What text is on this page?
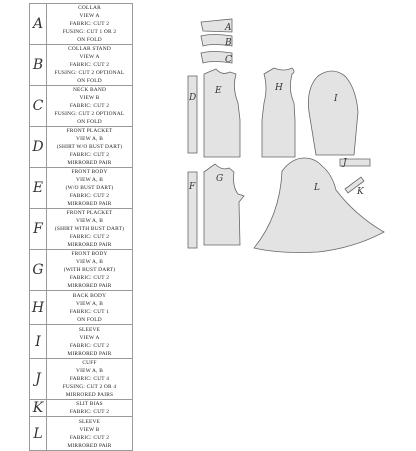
A	COLLAR
VIEW A
FABRIC: CUT 2
FUSING: CUT 1 OR 2
ON FOLD

B	COLLAR STAND
VIEW A
FABRIC: CUT 2
FUSING: CUT 2 OPTIONAL
ON FOLD

C	NECK BAND
VIEW B
FABRIC: CUT 2
FUSING: CUT 2 OPTIONAL
ON FOLD

D	FRONT PLACKET
VIEW A, B
(SHIRT W/O BUST DART)
FABRIC: CUT 2
MIRRORED PAIR

E	FRONT BODY
VIEW A, B
(W/O BUST DART)
FABRIC: CUT 2
MIRRORED PAIR

F	FRONT PLACKET
VIEW A, B
(SHIRT WITH BUST DART)
FABRIC: CUT 2
MIRRORED PAIR

G	FRONT BODY
VIEW A, B
(WITH BUST DART)
FABRIC: CUT 2
MIRRORED PAIR

H	BACK BODY
VIEW A, B
FABRIC: CUT 1
ON FOLD

I	SLEEVE
VIEW A
FABRIC: CUT 2
MIRRORED PAIR

J	CUFF
VIEW A, B
FABRIC: CUT 4
FUSING: CUT 2 OR 4
MIRRORED PAIRS

K	SLIT BIAS
FABRIC: CUT 2

L	SLEEVE
VIEW B
FABRIC: CUT 2
MIRRORED PAIR
A
B
C
D
E	H
I
F
G
L
J
K
